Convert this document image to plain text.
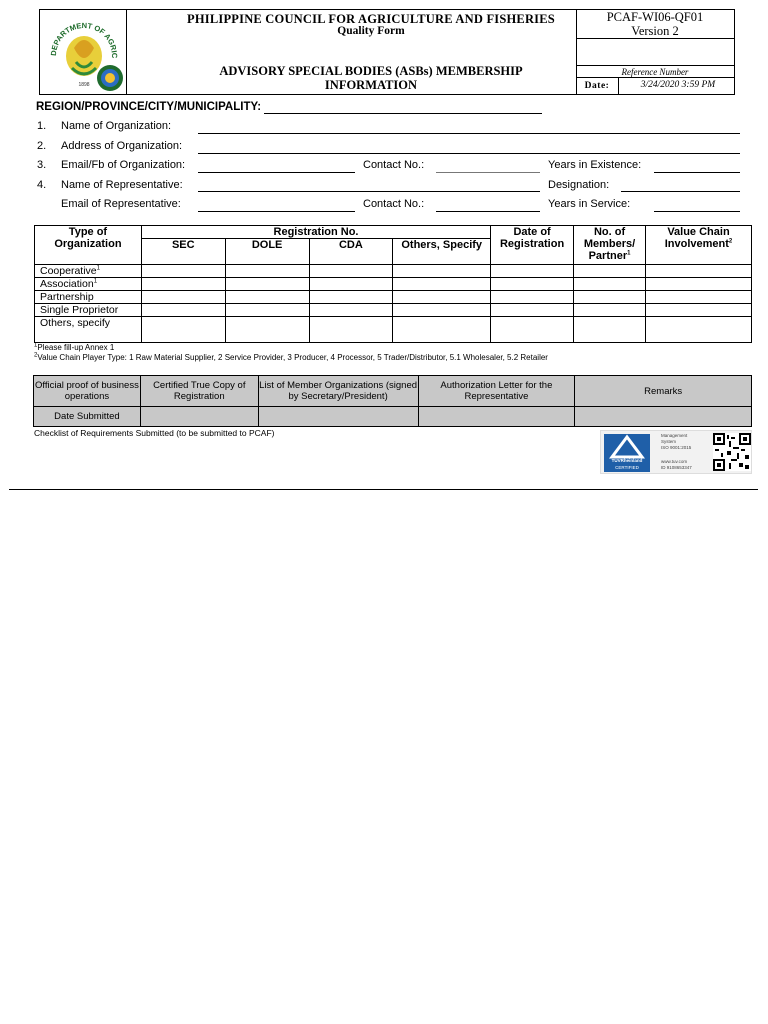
DEPARTMENT OF AGRIC
1898
PHILIPPINE COUNCIL FOR AGRICULTURE AND FISHERIES
Quality Form
ADVISORY SPECIAL BODIES (ASBs) MEMBERSHIP
INFORMATION
PCAF-WI06-QF01
Version 2
Reference Number
Date:	3/24/2020 3:59 PM
REGION/PROVINCE/CITY/MUNICIPALITY:
1. Name of Organization:
2. Address of Organization:
3. Email/Fb of Organization:	Contact No.:	Years in Existence:
4. Name of Representative:	Designation:
Email of Representative:	Contact No.:	Years in Service:
Type of Organization	Registration No.				Date of Registration	No. of Members/ Partner$^1$	Value Chain Involvement$^2$

	SEC	DOLE	CDA	Others, Specify			
Cooperative$^1$							
Association$^1$							
Partnership							
Single Proprietor							
Others, specify							
$^1$Please fill-up Annex 1
$^2$Value Chain Player Type: 1 Raw Material Supplier, 2 Service Provider, 3 Producer, 4 Processor, 5 Trader/Distributor, 5.1 Wholesaler, 5.2 Retailer
Official proof of business operations	Certified True Copy of Registration	List of Member Organizations (signed by Secretary/President)	Authorization Letter for the Representative	Remarks
Date Submitted				
Checklist of Requirements Submitted (to be submitted to PCAF)
TÜVRheinland
CERTIFIED
Management
System
ISO 9001:2015
www.tuv.com
ID 9108653347
